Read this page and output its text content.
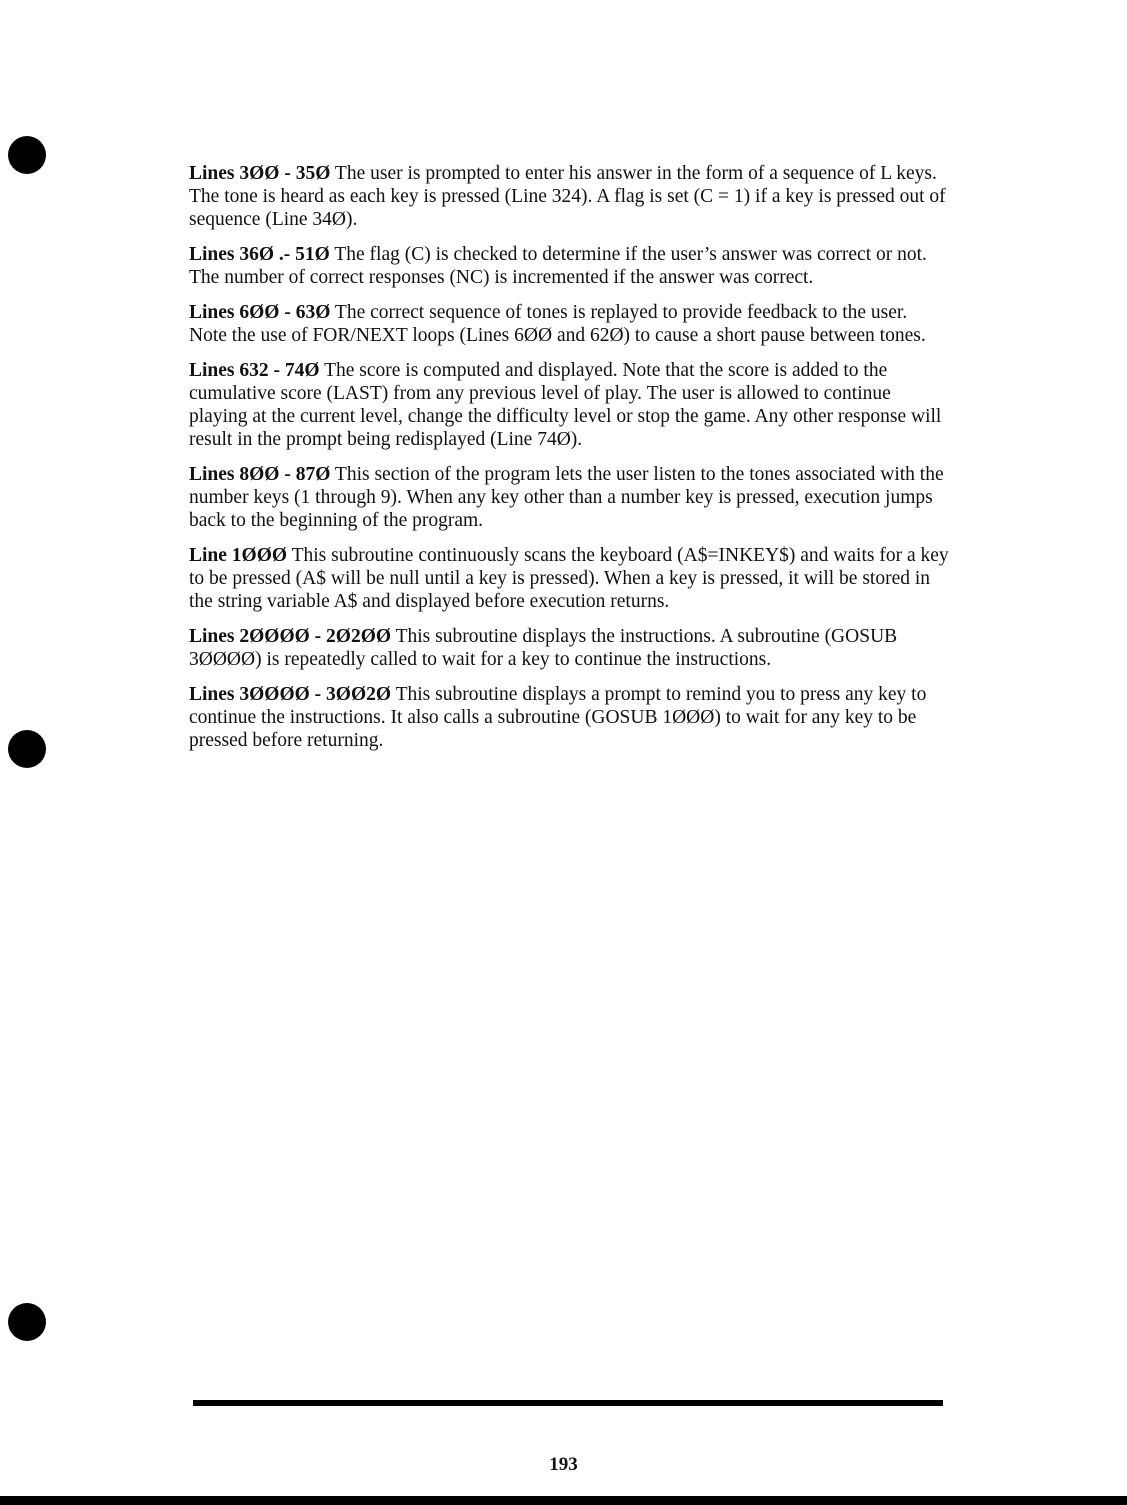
Lines 3ØØ - 35Ø The user is prompted to enter his answer in the form of a sequence of L keys. The tone is heard as each key is pressed (Line 324). A flag is set (C = 1) if a key is pressed out of sequence (Line 34Ø).

Lines 36Ø .- 51Ø The flag (C) is checked to determine if the user’s answer was correct or not. The number of correct responses (NC) is incremented if the answer was correct.

Lines 6ØØ - 63Ø The correct sequence of tones is replayed to provide feedback to the user. Note the use of FOR/NEXT loops (Lines 6ØØ and 62Ø) to cause a short pause between tones.

Lines 632 - 74Ø The score is computed and displayed. Note that the score is added to the cumulative score (LAST) from any previous level of play. The user is allowed to continue playing at the current level, change the difficulty level or stop the game. Any other response will result in the prompt being redisplayed (Line 74Ø).

Lines 8ØØ - 87Ø This section of the program lets the user listen to the tones associated with the number keys (1 through 9). When any key other than a number key is pressed, execution jumps back to the beginning of the program.

Line 1ØØØ This subroutine continuously scans the keyboard (A$=INKEY$) and waits for a key to be pressed (A$ will be null until a key is pressed). When a key is pressed, it will be stored in the string variable A$ and displayed before execution returns.

Lines 2ØØØØ - 2Ø2ØØ This subroutine displays the instructions. A subroutine (GOSUB 3ØØØØ) is repeatedly called to wait for a key to continue the instructions.

Lines 3ØØØØ - 3ØØ2Ø This subroutine displays a prompt to remind you to press any key to continue the instructions. It also calls a subroutine (GOSUB 1ØØØ) to wait for any key to be pressed before returning.

193
